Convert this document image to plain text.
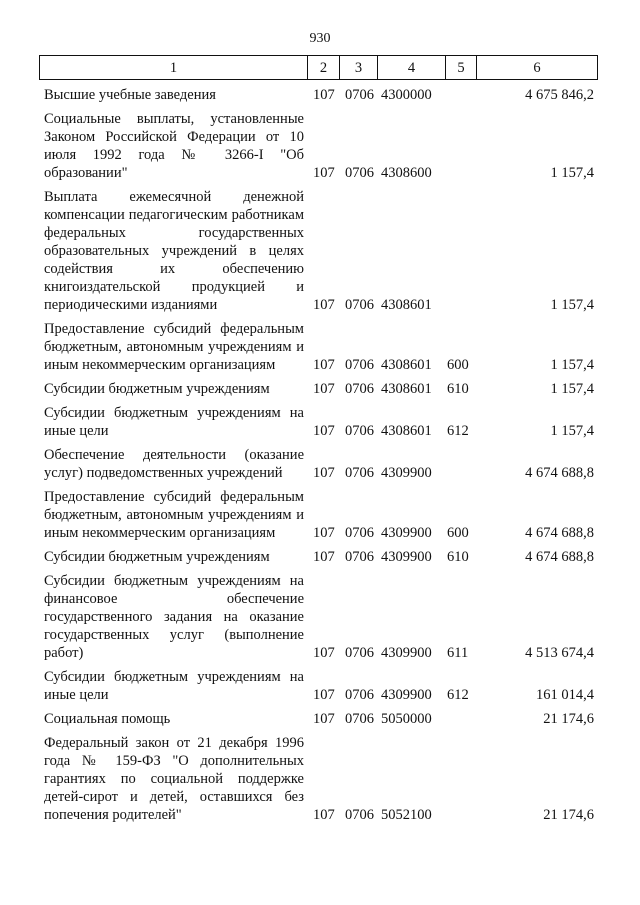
930
1	2	3	4	5	6
Высшие учебные заведения	107	0706	4300000		4 675 846,2
Социальные выплаты, установленные Законом Российской Федерации от 10 июля 1992 года № 3266-I "Об образовании"	107	0706	4308600		1 157,4
Выплата ежемесячной денежной компенсации педагогическим работникам федеральных государственных образовательных учреждений в целях содействия их обеспечению книгоиздательской продукцией и периодическими изданиями	107	0706	4308601		1 157,4
Предоставление субсидий федеральным бюджетным, автономным учреждениям и иным некоммерческим организациям	107	0706	4308601	600	1 157,4
Субсидии бюджетным учреждениям	107	0706	4308601	610	1 157,4
Субсидии бюджетным учреждениям на иные цели	107	0706	4308601	612	1 157,4
Обеспечение деятельности (оказание услуг) подведомственных учреждений	107	0706	4309900		4 674 688,8
Предоставление субсидий федеральным бюджетным, автономным учреждениям и иным некоммерческим организациям	107	0706	4309900	600	4 674 688,8
Субсидии бюджетным учреждениям	107	0706	4309900	610	4 674 688,8
Субсидии бюджетным учреждениям на финансовое обеспечение государственного задания на оказание государственных услуг (выполнение работ)	107	0706	4309900	611	4 513 674,4
Субсидии бюджетным учреждениям на иные цели	107	0706	4309900	612	161 014,4
Социальная помощь	107	0706	5050000		21 174,6
Федеральный закон от 21 декабря 1996 года № 159-ФЗ "О дополнительных гарантиях по социальной поддержке детей-сирот и детей, оставшихся без попечения родителей"	107	0706	5052100		21 174,6
